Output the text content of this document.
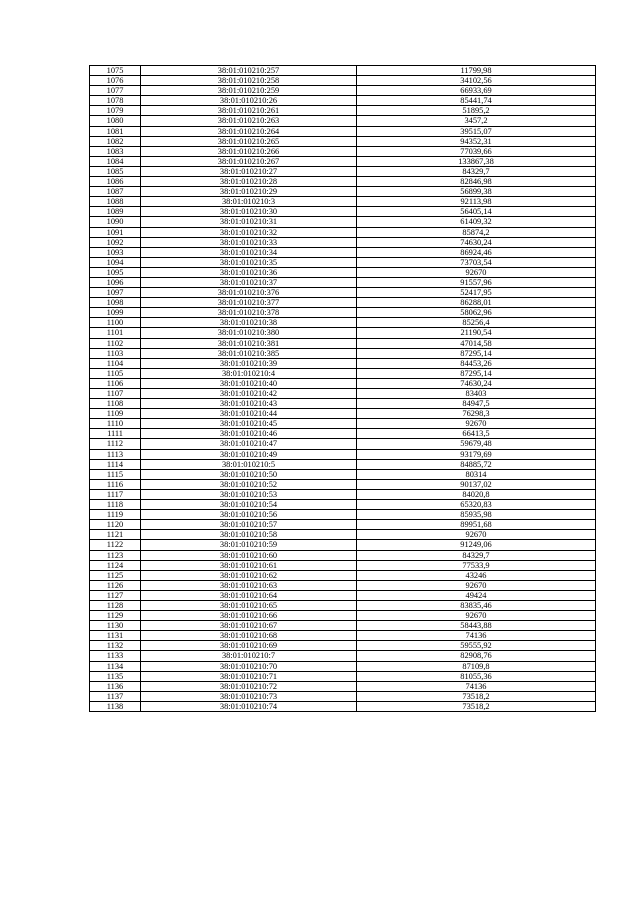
1075	38:01:010210:257	11799,98
1076	38:01:010210:258	34102,56
1077	38:01:010210:259	66933,69
1078	38:01:010210:26	85441,74
1079	38:01:010210:261	51895,2
1080	38:01:010210:263	3457,2
1081	38:01:010210:264	39515,07
1082	38:01:010210:265	94352,31
1083	38:01:010210:266	77039,66
1084	38:01:010210:267	133867,38
1085	38:01:010210:27	84329,7
1086	38:01:010210:28	82846,98
1087	38:01:010210:29	56899,38
1088	38:01:010210:3	92113,98
1089	38:01:010210:30	56405,14
1090	38:01:010210:31	61409,32
1091	38:01:010210:32	85874,2
1092	38:01:010210:33	74630,24
1093	38:01:010210:34	86924,46
1094	38:01:010210:35	73703,54
1095	38:01:010210:36	92670
1096	38:01:010210:37	91557,96
1097	38:01:010210:376	52417,95
1098	38:01:010210:377	86288,01
1099	38:01:010210:378	58062,96
1100	38:01:010210:38	85256,4
1101	38:01:010210:380	21190,54
1102	38:01:010210:381	47014,58
1103	38:01:010210:385	87295,14
1104	38:01:010210:39	84453,26
1105	38:01:010210:4	87295,14
1106	38:01:010210:40	74630,24
1107	38:01:010210:42	83403
1108	38:01:010210:43	84947,5
1109	38:01:010210:44	76298,3
1110	38:01:010210:45	92670
1111	38:01:010210:46	66413,5
1112	38:01:010210:47	59679,48
1113	38:01:010210:49	93179,69
1114	38:01:010210:5	84885,72
1115	38:01:010210:50	80314
1116	38:01:010210:52	90137,02
1117	38:01:010210:53	84020,8
1118	38:01:010210:54	65320,83
1119	38:01:010210:56	85935,98
1120	38:01:010210:57	89951,68
1121	38:01:010210:58	92670
1122	38:01:010210:59	91249,06
1123	38:01:010210:60	84329,7
1124	38:01:010210:61	77533,9
1125	38:01:010210:62	43246
1126	38:01:010210:63	92670
1127	38:01:010210:64	49424
1128	38:01:010210:65	83835,46
1129	38:01:010210:66	92670
1130	38:01:010210:67	58443,88
1131	38:01:010210:68	74136
1132	38:01:010210:69	59555,92
1133	38:01:010210:7	82908,76
1134	38:01:010210:70	87109,8
1135	38:01:010210:71	81055,36
1136	38:01:010210:72	74136
1137	38:01:010210:73	73518,2
1138	38:01:010210:74	73518,2
